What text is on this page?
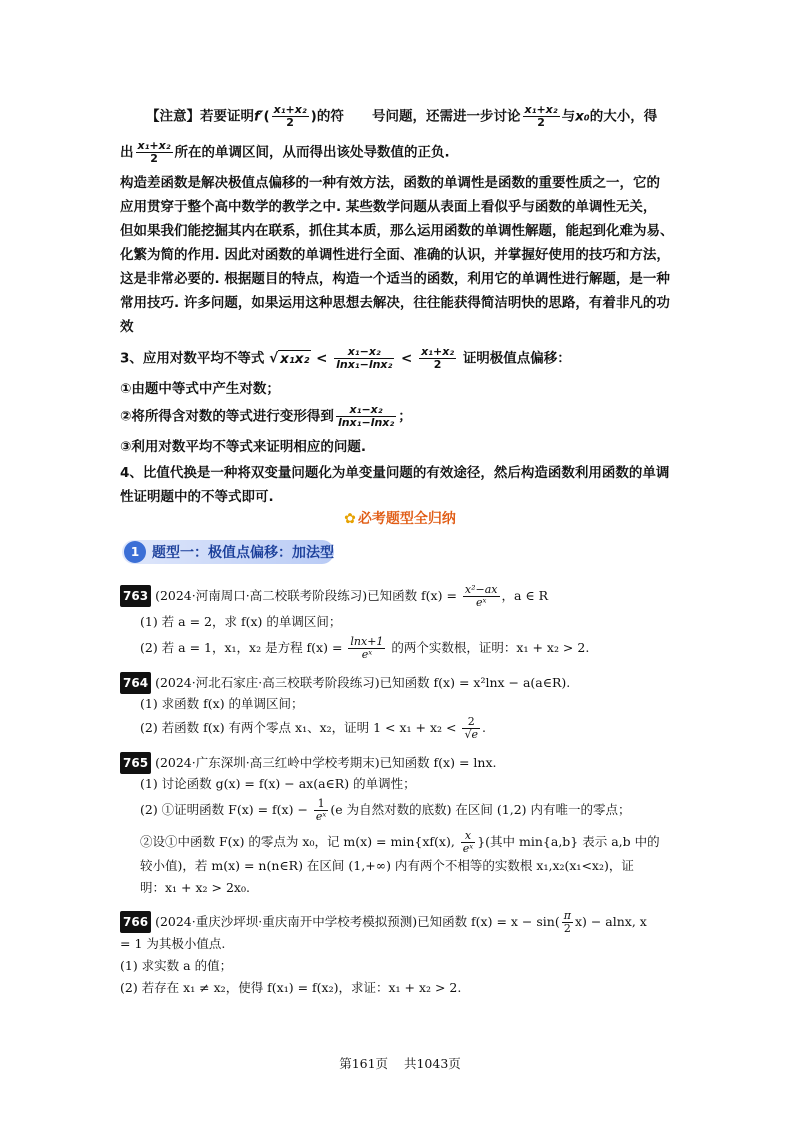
【注意】若要证明$f'( \frac{\text{x₁+x₂}}{2}$ )的符 号问题，还需进一步讨论 $\frac{\text{x₁+x₂}}{2}$ 与x₀的大小，得
出 $\frac{\text{x₁+x₂}}{2}$ 所在的单调区间，从而得出该处导数值的正负.
构造差函数是解决极值点偏移的一种有效方法，函数的单调性是函数的重要性质之一，它的
应用贯穿于整个高中数学的教学之中. 某些数学问题从表面上看似乎与函数的单调性无关，
但如果我们能挖掘其内在联系，抓住其本质，那么运用函数的单调性解题，能起到化难为易、
化繁为简的作用. 因此对函数的单调性进行全面、准确的认识，并掌握好使用的技巧和方法，
这是非常必要的. 根据题目的特点，构造一个适当的函数，利用它的单调性进行解题，是一种
常用技巧. 许多问题，如果运用这种思想去解决，往往能获得简洁明快的思路，有着非凡的功
效
3、应用对数平均不等式 √ $x_1x_2 < \frac{\text{x₁−x₂}}{\text{lnx₁−lnx₂}} < \frac{\text{x₁+x₂}}{2}$ 证明极值点偏移：
①由题中等式中产生对数；
②将所得含对数的等式进行变形得到 $\frac{\text{x₁−x₂}}{\text{lnx₁−lnx₂}}$ ；
③利用对数平均不等式来证明相应的问题.
4、比值代换是一种将双变量问题化为单变量问题的有效途径，然后构造函数利用函数的单调
性证明题中的不等式即可.
✿ 必考题型全归纳
1 题型一：极值点偏移：加法型
763 (2024·河南周口·高二校联考阶段练习)已知函数 $f(x) = \frac{\text{x²−ax}}{\text{eˣ}}$ ，a ∈ R
(1) 若 a = 2，求 f(x) 的单调区间；
(2) 若 a = 1，x₁，x₂ 是方程 $f(x) = \frac{\ln x+1}{\text{eˣ}}$ 的两个实数根，证明：x₁ + x₂ > 2.
764 (2024·河北石家庄·高三校联考阶段练习)已知函数 f(x) = x²lnx − a(a∈R).
(1) 求函数 f(x) 的单调区间；
(2) 若函数 f(x) 有两个零点 x₁、x₂，证明 $1 < x_1 + x_2 < \frac{2}{√e}$ .
765 (2024·广东深圳·高三红岭中学校考期末)已知函数 f(x) = lnx.
(1) 讨论函数 g(x) = f(x) − ax(a∈R) 的单调性；
(2) ①证明函数 $F(x) = f(x) - \frac{1}{\text{eˣ}} (e$ 为自然对数的底数) 在区间 (1,2) 内有唯一的零点；
②设①中函数 F(x) 的零点为 x₀，记 m(x) = min{xf(x), $\frac{x}{\text{eˣ}}$ }(其中 min{a,b} 表示 a,b 中的
较小值)，若 m(x) = n(n∈R) 在区间 (1,+∞) 内有两个不相等的实数根 x₁,x₂(x₁<x₂)，证
明：x₁ + x₂ > 2x₀.
766 (2024·重庆沙坪坝·重庆南开中学校考模拟预测)已知函数 $f(x) = x - \sin( \frac{\pi}{2} x) - alnx$, x
= 1 为其极小值点.
(1) 求实数 a 的值；
(2) 若存在 x₁ ≠ x₂，使得 f(x₁) = f(x₂)，求证：x₁ + x₂ > 2.
第161页 共1043页
